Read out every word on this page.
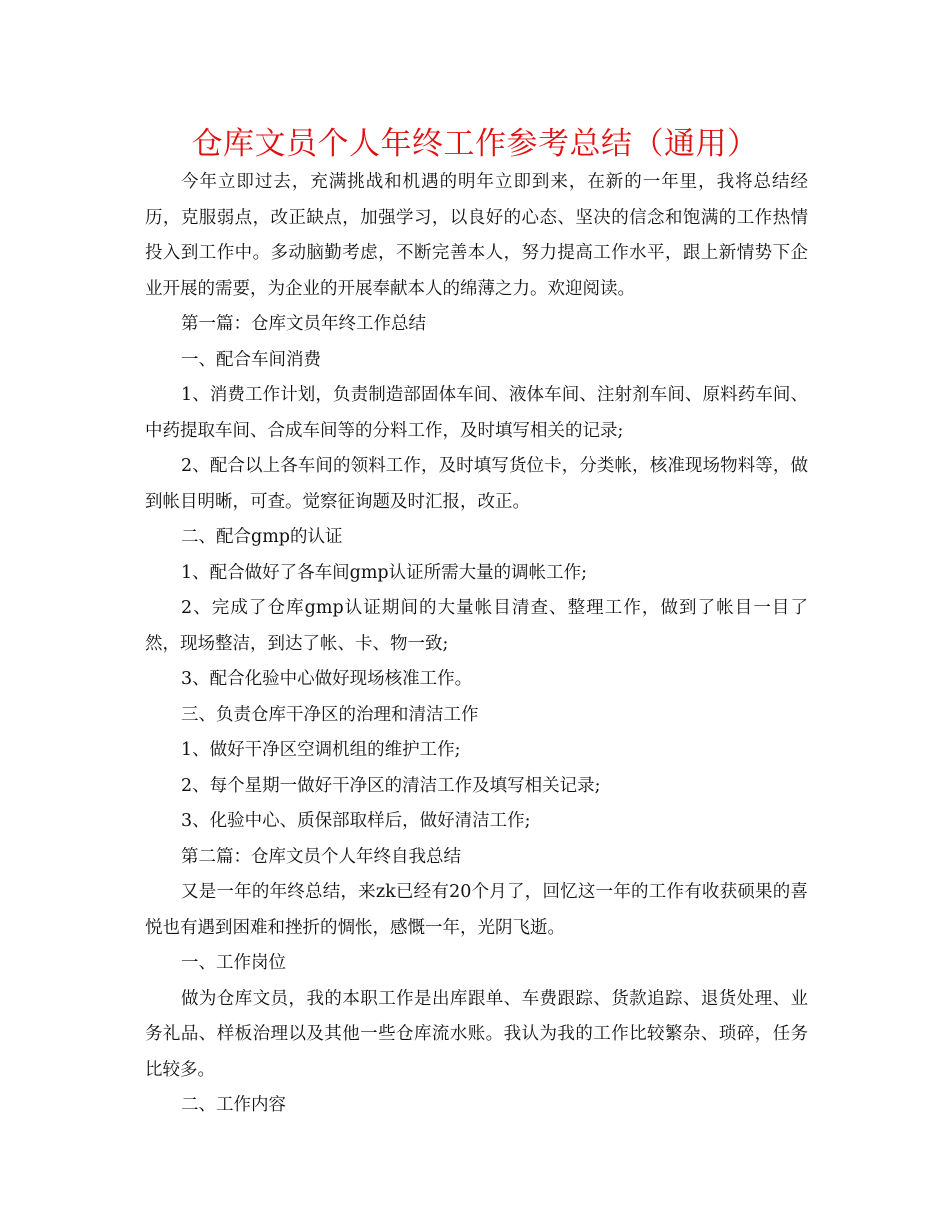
仓库文员个人年终工作参考总结（通用）

今年立即过去，充满挑战和机遇的明年立即到来，在新的一年里，我将总结经历，克服弱点，改正缺点，加强学习，以良好的心态、坚决的信念和饱满的工作热情投入到工作中。多动脑勤考虑，不断完善本人，努力提高工作水平，跟上新情势下企业开展的需要，为企业的开展奉献本人的绵薄之力。欢迎阅读。

第一篇：仓库文员年终工作总结

一、配合车间消费

1、消费工作计划，负责制造部固体车间、液体车间、注射剂车间、原料药车间、中药提取车间、合成车间等的分料工作，及时填写相关的记录;

2、配合以上各车间的领料工作，及时填写货位卡，分类帐，核准现场物料等，做到帐目明晰，可查。觉察征询题及时汇报，改正。

二、配合gmp的认证

1、配合做好了各车间gmp认证所需大量的调帐工作;

2、完成了仓库gmp认证期间的大量帐目清查、整理工作，做到了帐目一目了然，现场整洁，到达了帐、卡、物一致;

3、配合化验中心做好现场核准工作。

三、负责仓库干净区的治理和清洁工作

1、做好干净区空调机组的维护工作;

2、每个星期一做好干净区的清洁工作及填写相关记录;

3、化验中心、质保部取样后，做好清洁工作;

第二篇：仓库文员个人年终自我总结

又是一年的年终总结，来zk已经有20个月了，回忆这一年的工作有收获硕果的喜悦也有遇到困难和挫折的惆怅，感慨一年，光阴飞逝。

一、工作岗位

做为仓库文员，我的本职工作是出库跟单、车费跟踪、货款追踪、退货处理、业务礼品、样板治理以及其他一些仓库流水账。我认为我的工作比较繁杂、琐碎，任务比较多。

二、工作内容
